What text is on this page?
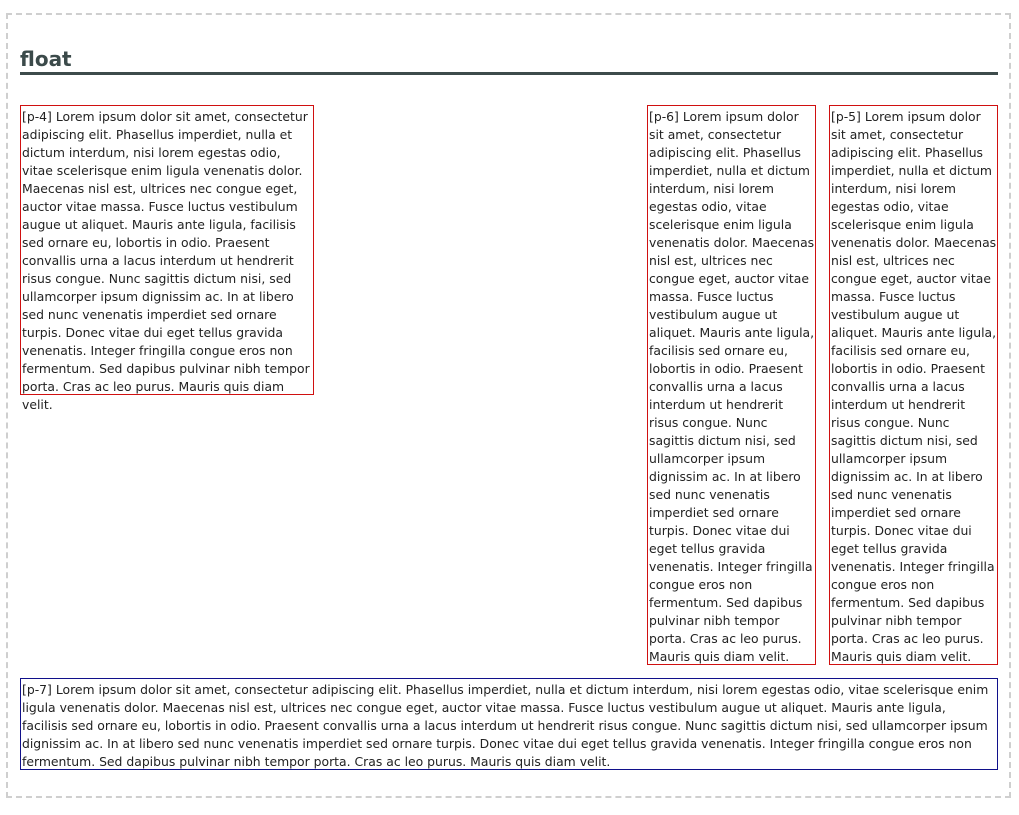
float

[p-4] Lorem ipsum dolor sit amet, consectetur adipiscing elit. Phasellus imperdiet, nulla et dictum interdum, nisi lorem egestas odio, vitae scelerisque enim ligula venenatis dolor. Maecenas nisl est, ultrices nec congue eget, auctor vitae massa. Fusce luctus vestibulum augue ut aliquet. Mauris ante ligula, facilisis sed ornare eu, lobortis in odio. Praesent convallis urna a lacus interdum ut hendrerit risus congue. Nunc sagittis dictum nisi, sed ullamcorper ipsum dignissim ac. In at libero sed nunc venenatis imperdiet sed ornare turpis. Donec vitae dui eget tellus gravida venenatis. Integer fringilla congue eros non fermentum. Sed dapibus pulvinar nibh tempor porta. Cras ac leo purus. Mauris quis diam velit.

[p-6] Lorem ipsum dolor sit amet, consectetur adipiscing elit. Phasellus imperdiet, nulla et dictum interdum, nisi lorem egestas odio, vitae scelerisque enim ligula venenatis dolor. Maecenas nisl est, ultrices nec congue eget, auctor vitae massa. Fusce luctus vestibulum augue ut aliquet. Mauris ante ligula, facilisis sed ornare eu, lobortis in odio. Praesent convallis urna a lacus interdum ut hendrerit risus congue. Nunc sagittis dictum nisi, sed ullamcorper ipsum dignissim ac. In at libero sed nunc venenatis imperdiet sed ornare turpis. Donec vitae dui eget tellus gravida venenatis. Integer fringilla congue eros non fermentum. Sed dapibus pulvinar nibh tempor porta. Cras ac leo purus. Mauris quis diam velit.

[p-5] Lorem ipsum dolor sit amet, consectetur adipiscing elit. Phasellus imperdiet, nulla et dictum interdum, nisi lorem egestas odio, vitae scelerisque enim ligula venenatis dolor. Maecenas nisl est, ultrices nec congue eget, auctor vitae massa. Fusce luctus vestibulum augue ut aliquet. Mauris ante ligula, facilisis sed ornare eu, lobortis in odio. Praesent convallis urna a lacus interdum ut hendrerit risus congue. Nunc sagittis dictum nisi, sed ullamcorper ipsum dignissim ac. In at libero sed nunc venenatis imperdiet sed ornare turpis. Donec vitae dui eget tellus gravida venenatis. Integer fringilla congue eros non fermentum. Sed dapibus pulvinar nibh tempor porta. Cras ac leo purus. Mauris quis diam velit.

[p-7] Lorem ipsum dolor sit amet, consectetur adipiscing elit. Phasellus imperdiet, nulla et dictum interdum, nisi lorem egestas odio, vitae scelerisque enim ligula venenatis dolor. Maecenas nisl est, ultrices nec congue eget, auctor vitae massa. Fusce luctus vestibulum augue ut aliquet. Mauris ante ligula, facilisis sed ornare eu, lobortis in odio. Praesent convallis urna a lacus interdum ut hendrerit risus congue. Nunc sagittis dictum nisi, sed ullamcorper ipsum dignissim ac. In at libero sed nunc venenatis imperdiet sed ornare turpis. Donec vitae dui eget tellus gravida venenatis. Integer fringilla congue eros non fermentum. Sed dapibus pulvinar nibh tempor porta. Cras ac leo purus. Mauris quis diam velit.
